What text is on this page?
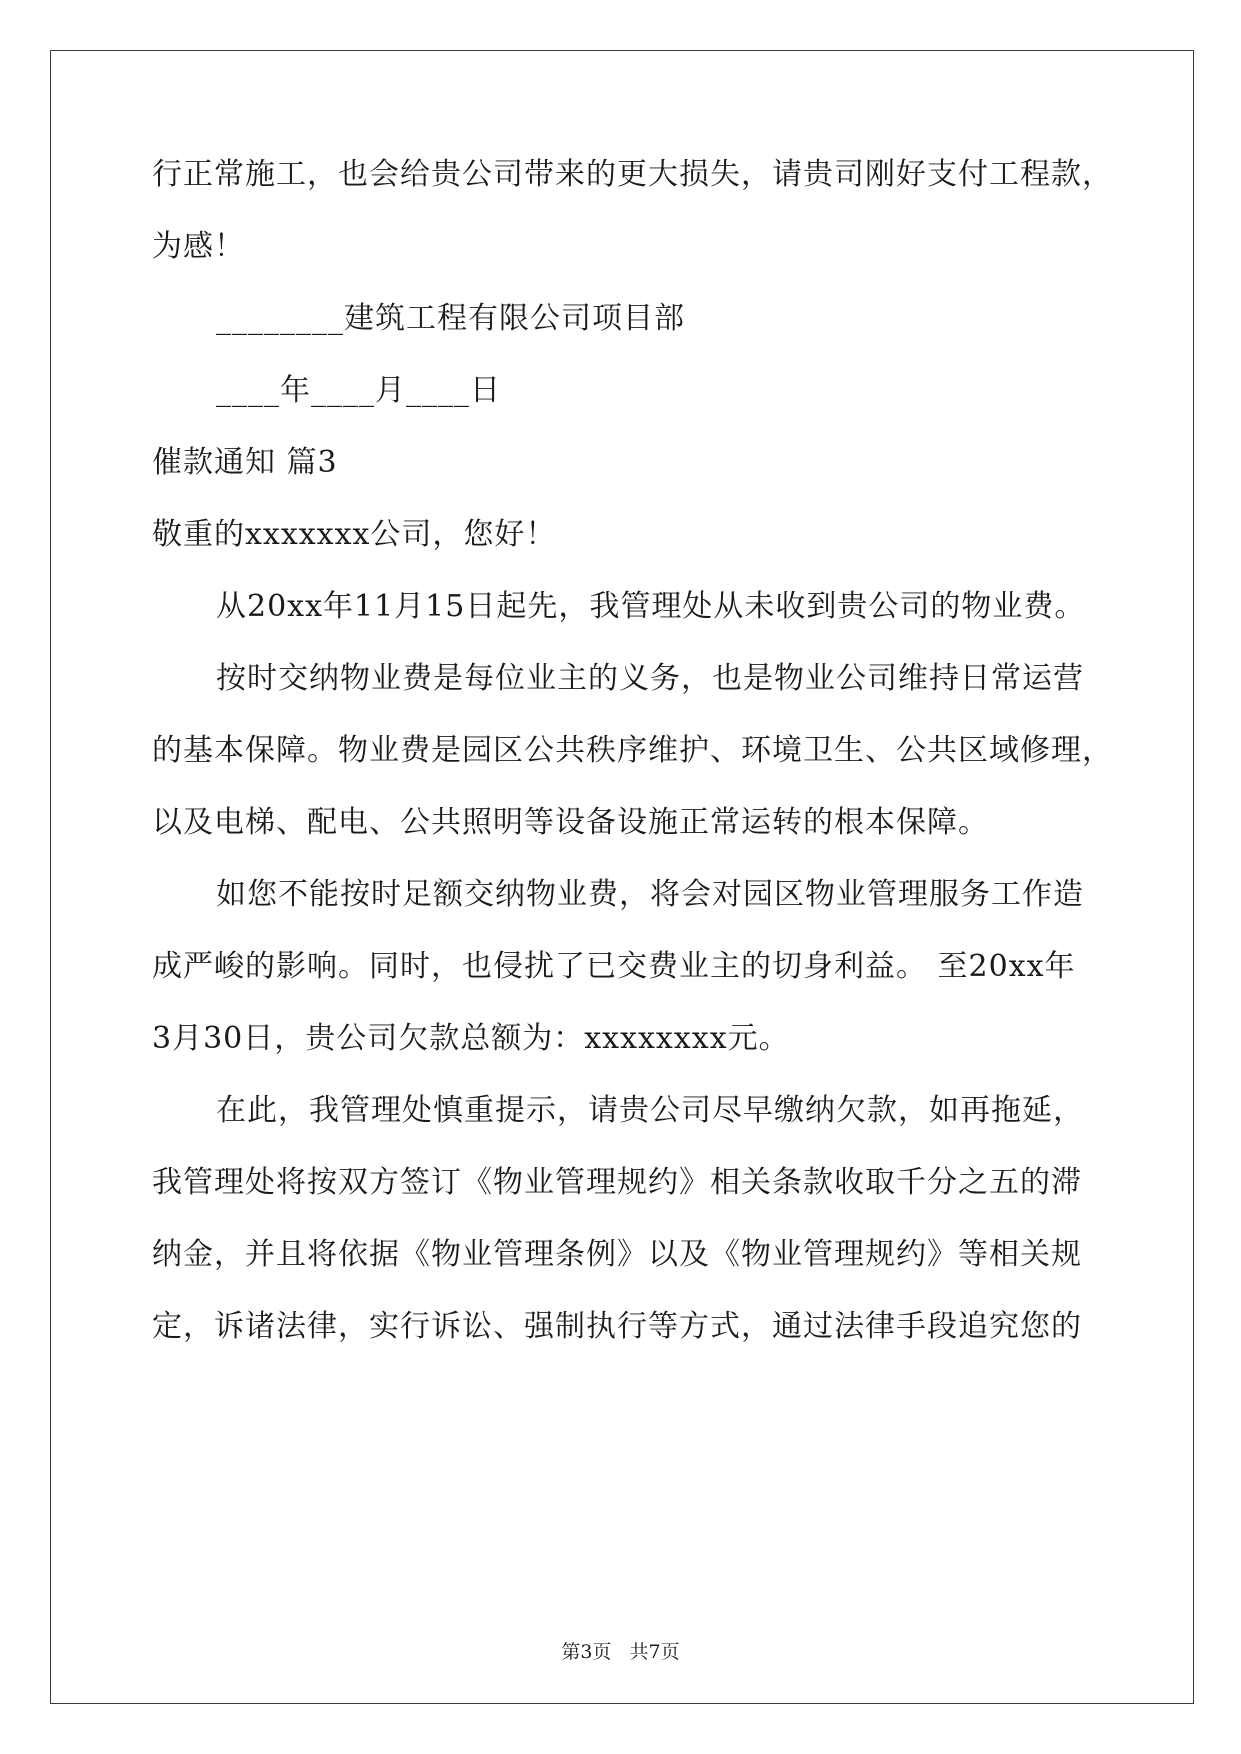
行正常施工，也会给贵公司带来的更大损失，请贵司刚好支付工程款，
为感！
________建筑工程有限公司项目部
____年____月____日
催款通知 篇3
敬重的xxxxxxx公司，您好！
从20xx年11月15日起先，我管理处从未收到贵公司的物业费。
按时交纳物业费是每位业主的义务，也是物业公司维持日常运营
的基本保障。物业费是园区公共秩序维护、环境卫生、公共区域修理，
以及电梯、配电、公共照明等设备设施正常运转的根本保障。
如您不能按时足额交纳物业费，将会对园区物业管理服务工作造
成严峻的影响。同时，也侵扰了已交费业主的切身利益。 至20xx年
3月30日，贵公司欠款总额为：xxxxxxxx元。
在此，我管理处慎重提示，请贵公司尽早缴纳欠款，如再拖延，
我管理处将按双方签订《物业管理规约》相关条款收取千分之五的滞
纳金，并且将依据《物业管理条例》以及《物业管理规约》等相关规
定，诉诸法律，实行诉讼、强制执行等方式，通过法律手段追究您的
第3页   共7页
